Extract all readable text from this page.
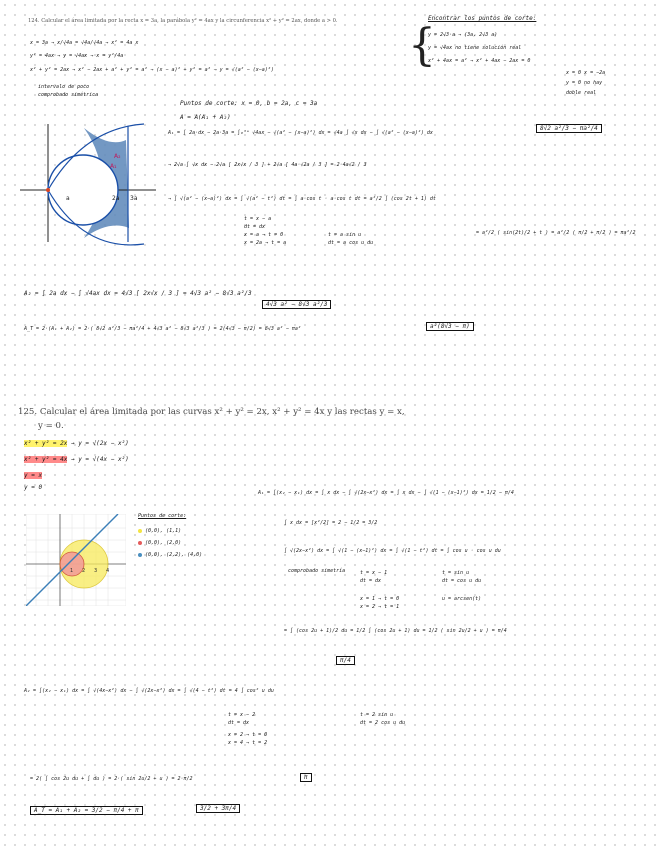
124. Calcular el área limitada por la recta x = 3a, la parábola y² = 4ax y la circunferencia x² + y² = 2ax, donde a > 0.
x = 3a → x/√4a = √4a/√4a → x² = 4a x
y² = 4ax → y = √4ax → x = y²/4a
x² + y² = 2ax → x² − 2ax + a² + y² = a² → (x − a)² + y² = a² → y = √(a² − (x−a)²)
intervalo de poco
comprobado simétrica
Encontrar los puntos de corte:
{
y = 2√3·a → (3a, 2√3 a)
y = √4ax no tiene solución real
x² + 4ax = a² → x² + 4ax − 2ax = 0
x = 0 x = −2a
y = 0 no hay
doble real
Puntos de corte: x = 0, b = 2a, c = 3a
A = A(A₁ + A₂)
a	2a 3a
A₁
A₂
A₁ = ∫ 2a·dx − 2a·3a = ∫₀³ᵃ √4ax − √(a² − (x−a)²) dx = √4a ∫ √x dx − ∫ √(a² − (x−a)²) dx
8√2 a²/3 − πa²/4
→ 2√a ∫ √x dx − 2√a [ 2x√x / 3 ] + 2√a [ 4a·√2a / 3 ] = 2·4a√2 / 3
→ ∫ √(a² − (x−a)²) dx = ∫ √(a² − t²) dt = ∫ a·cos t · a·cos t dt = a²/2 ∫ (cos 2t + 1) dt
= a²/2 ( sin(2t)/2 + t ) = a²/2 ( π/2 + π/2 ) = πa²/2
t = x − a
dt = dx
x = a → t = 0
x = 2a → t = a
t = a sin u
dt = a cos u du
A₂ = ∫ 2a dx − ∫ √4ax dx = 4√3 [ 2x√x / 3 ] = 4√3 a² − 8√3 a²/3
4√3 a² − 8√3 a²/3
A_T = 2·(A₁ + A₂) = 2·( 8√2 a²/3 − πa²/4 + 4√3 a² − 8√3 a²/3 ) = 2(4√3 − π/2) = 8√3 a² − πa²	a²(8√3 − π)
125. Calcular el área limitada por las curvas x² + y² = 2x, x² + y² = 4x y las rectas y = x,
y = 0.
x² + y² = 2x → y = √(2x − x²)
x² + y² = 4x → y = √(4x − x²)
y = x
y = 0
1 2 3 4
Puntos de corte:
(0,0), (1,1)
(0,0), (2,0)
(0,0), (2,2), (4,0)
A₁ = ∫(x₂ − x₁) dx = ∫ x dx − ∫ √(2x−x²) dx = ∫ x dx − ∫ √(1 − (x−1)²) dx = 1/2 − π/4
∫ x dx = [x²/2] = 2 − 1/2 = 3/2
∫ √(2x−x²) dx = ∫ √(1 − (x−1)²) dx = ∫ √(1 − t²) dt = ∫ cos u · cos u du
= ∫ (cos 2u + 1)/2 du = 1/2 ∫ (cos 2u + 1) du = 1/2 ( sin 2u/2 + u ) = π/4
π/4
comprobado simetría	t = x − 1
dt = dx
x = 1 → t = 0
x = 2 → t = 1
t = sin u
dt = cos u du
u = arcsen(t)
A₂ = ∫(x₂ − x₁) dx = ∫ √(4x−x²) dx − ∫ √(2x−x²) dx = ∫ √(4 − t²) dt = 4 ∫ cos² u du
t = x − 2
dt = dx
x = 2 → t = 0
x = 4 → t = 2
t = 2 sin u
dt = 2 cos u du
= 2( ∫ cos 2u du + ∫ du ) = 2·( sin 2u/2 + u ) = 2·π/2	π
A_T = A₁ + A₂ = 3/2 − π/4 + π	3/2 + 3π/4
